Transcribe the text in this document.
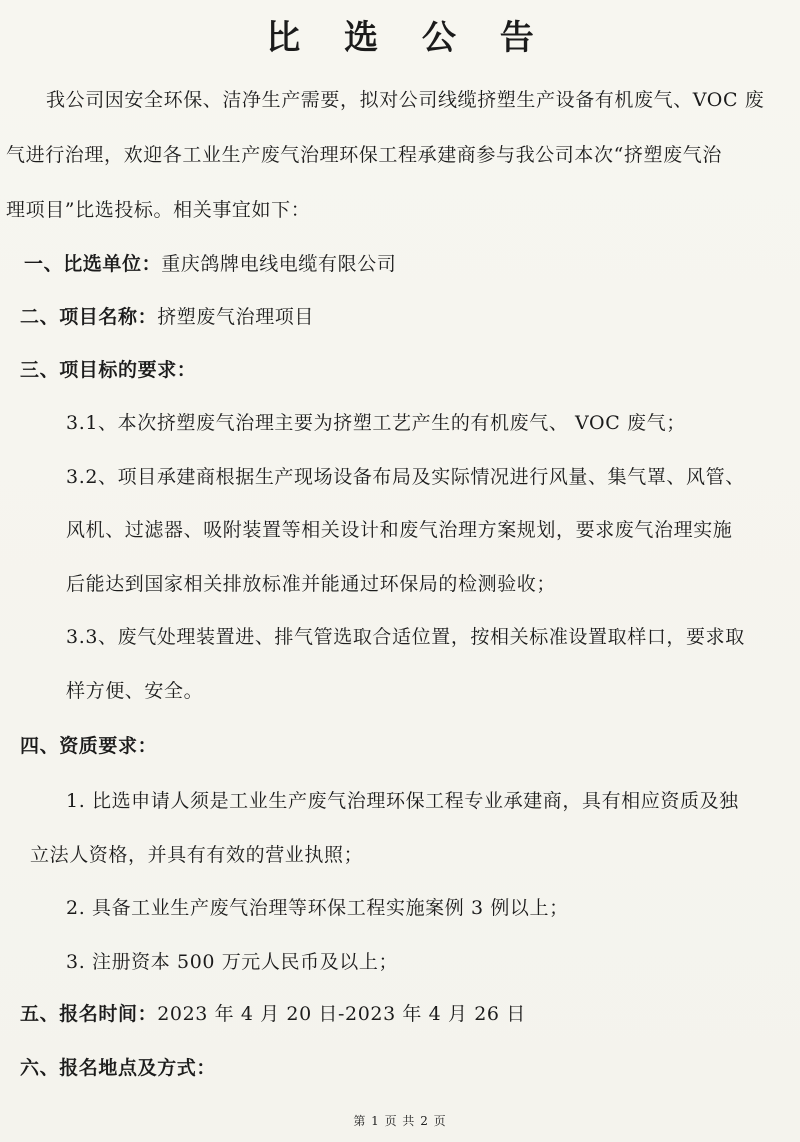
比 选 公 告
我公司因安全环保、洁净生产需要，拟对公司线缆挤塑生产设备有机废气、VOC 废
气进行治理，欢迎各工业生产废气治理环保工程承建商参与我公司本次“挤塑废气治
理项目”比选投标。相关事宜如下：
一、比选单位：重庆鸽牌电线电缆有限公司
二、项目名称：挤塑废气治理项目
三、项目标的要求：
3.1、本次挤塑废气治理主要为挤塑工艺产生的有机废气、 VOC 废气；
3.2、项目承建商根据生产现场设备布局及实际情况进行风量、集气罩、风管、
风机、过滤器、吸附装置等相关设计和废气治理方案规划，要求废气治理实施
后能达到国家相关排放标准并能通过环保局的检测验收；
3.3、废气处理装置进、排气管选取合适位置，按相关标准设置取样口，要求取
样方便、安全。
四、资质要求：
1. 比选申请人须是工业生产废气治理环保工程专业承建商，具有相应资质及独
立法人资格，并具有有效的营业执照；
2. 具备工业生产废气治理等环保工程实施案例 3 例以上；
3. 注册资本 500 万元人民币及以上；
五、报名时间：2023 年 4 月 20 日-2023 年 4 月 26 日
六、报名地点及方式：
第 1 页 共 2 页
